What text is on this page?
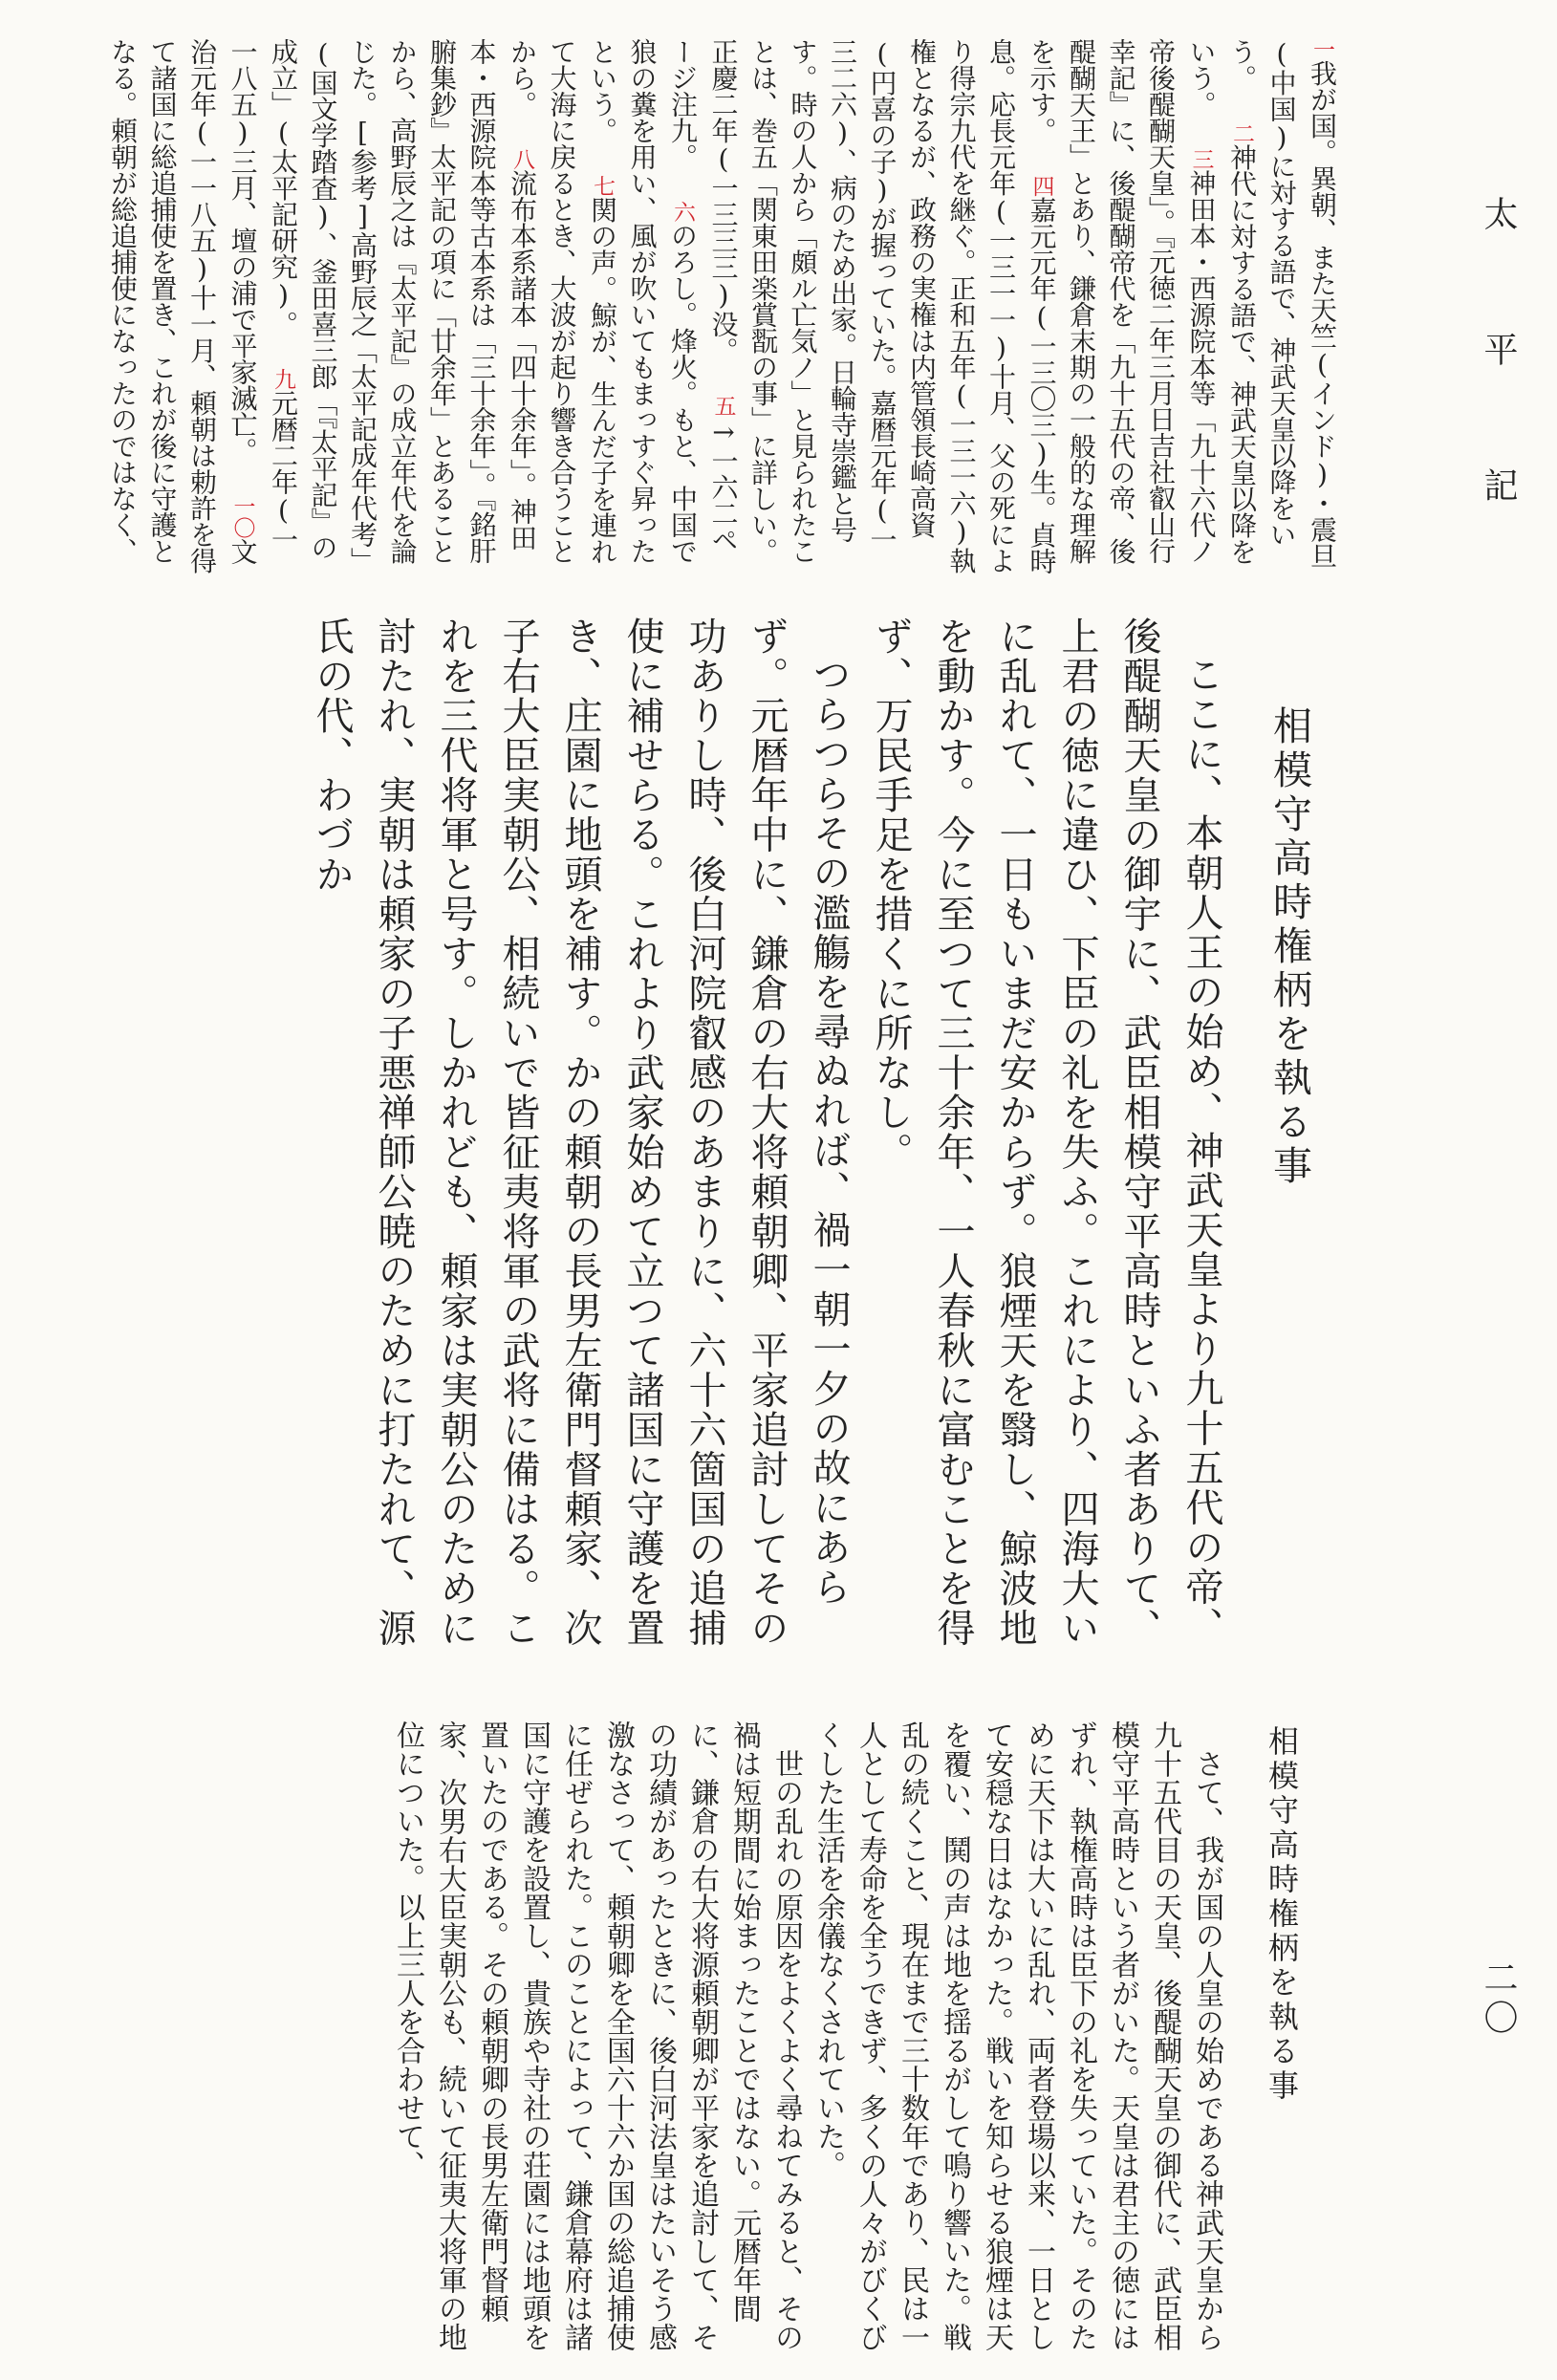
太平記
二〇
一我が国。異朝、また天竺(インド)・震旦(中国)に対する語で、神武天皇以降をいう。 二神代に対する語で、神武天皇以降をいう。 三神田本・西源院本等「九十六代ノ帝後醍醐天皇」。『元徳二年三月日吉社叡山行幸記』に、後醍醐帝代を「九十五代の帝、後醍醐天王」とあり、鎌倉末期の一般的な理解を示す。 四嘉元元年(一三〇三)生。貞時息。応長元年(一三一一)十月、父の死により得宗九代を継ぐ。正和五年(一三一六)執権となるが、政務の実権は内管領長崎高資(円喜の子)が握っていた。嘉暦元年(一三二六)、病のため出家。日輪寺崇鑑と号す。時の人から「頗ル亡気ノ」と見られたことは、巻五「関東田楽賞翫の事」に詳しい。正慶二年(一三三三)没。 五→一六二ページ注九。 六のろし。烽火。もと、中国で狼の糞を用い、風が吹いてもまっすぐ昇ったという。 七関の声。鯨が、生んだ子を連れて大海に戻るとき、大波が起り響き合うことから。 八流布本系諸本「四十余年」。神田本・西源院本等古本系は「三十余年」。『銘肝腑集鈔』太平記の項に「廿余年」とあることから、高野辰之は『太平記』の成立年代を論じた。[参考]高野辰之「太平記成年代考」(国文学踏査)、釜田喜三郎「『太平記』の成立」(太平記研究)。 九元暦二年(一一八五)三月、壇の浦で平家滅亡。 一〇文治元年(一一八五)十一月、頼朝は勅許を得て諸国に総追捕使を置き、これが後に守護となる。頼朝が総追捕使になったのではなく、
相模守高時権柄を執る事

ここに、本朝人王の始め、神武天皇より九十五代の帝、後醍醐天皇の御宇に、武臣相模守平高時といふ者ありて、上君の徳に違ひ、下臣の礼を失ふ。これにより、四海大いに乱れて、一日もいまだ安からず。狼煙天を翳し、鯨波地を動かす。今に至つて三十余年、一人春秋に富むことを得ず、万民手足を措くに所なし。

つらつらその濫觴を尋ぬれば、禍一朝一夕の故にあらず。元暦年中に、鎌倉の右大将頼朝卿、平家追討してその功ありし時、後白河院叡感のあまりに、六十六箇国の追捕使に補せらる。これより武家始めて立つて諸国に守護を置き、庄園に地頭を補す。かの頼朝の長男左衛門督頼家、次子右大臣実朝公、相続いで皆征夷将軍の武将に備はる。これを三代将軍と号す。しかれども、頼家は実朝公のために討たれ、実朝は頼家の子悪禅師公暁のために打たれて、源氏の代、わづか

相模守高時権柄を執る事

さて、我が国の人皇の始めである神武天皇から九十五代目の天皇、後醍醐天皇の御代に、武臣相模守平高時という者がいた。天皇は君主の徳にはずれ、執権高時は臣下の礼を失っていた。そのために天下は大いに乱れ、両者登場以来、一日として安穏な日はなかった。戦いを知らせる狼煙は天を覆い、鬨の声は地を揺るがして鳴り響いた。戦乱の続くこと、現在まで三十数年であり、民は一人として寿命を全うできず、多くの人々がびくびくした生活を余儀なくされていた。

世の乱れの原因をよくよく尋ねてみると、その禍は短期間に始まったことではない。元暦年間に、鎌倉の右大将源頼朝卿が平家を追討して、その功績があったときに、後白河法皇はたいそう感激なさって、頼朝卿を全国六十六か国の総追捕使に任ぜられた。このことによって、鎌倉幕府は諸国に守護を設置し、貴族や寺社の荘園には地頭を置いたのである。その頼朝卿の長男左衛門督頼家、次男右大臣実朝公も、続いて征夷大将軍の地位についた。以上三人を合わせて、
